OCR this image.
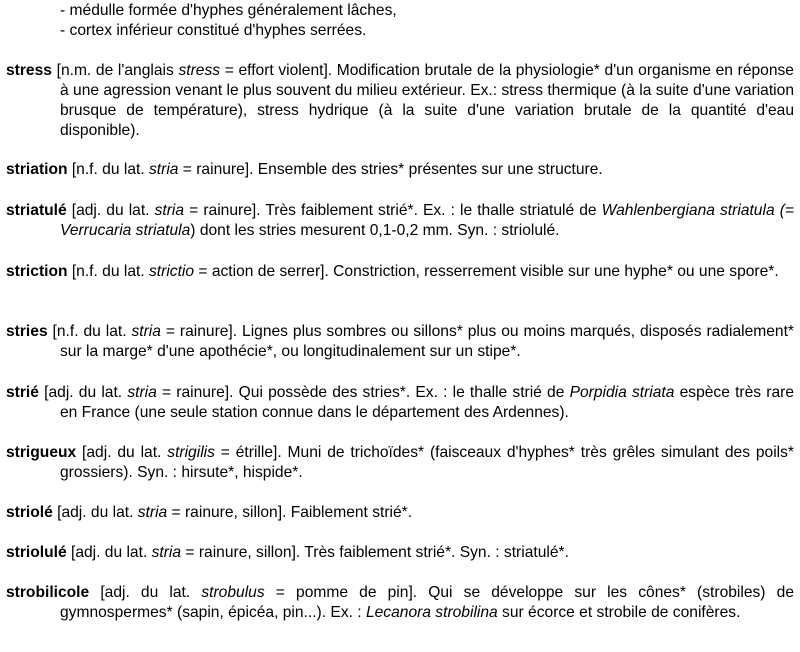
- médulle formée d'hyphes généralement lâches,
- cortex inférieur constitué d'hyphes serrées.
stress [n.m. de l'anglais stress = effort violent]. Modification brutale de la physiologie* d'un organisme en réponse à une agression venant le plus souvent du milieu extérieur. Ex.: stress thermique (à la suite d'une variation brusque de température), stress hydrique (à la suite d'une variation brutale de la quantité d'eau disponible).
striation [n.f. du lat. stria = rainure]. Ensemble des stries* présentes sur une structure.
striatulé [adj. du lat. stria = rainure]. Très faiblement strié*. Ex. : le thalle striatulé de Wahlenbergiana striatula (= Verrucaria striatula) dont les stries mesurent 0,1-0,2 mm. Syn. : striolulé.
striction [n.f. du lat. strictio = action de serrer]. Constriction, resserrement visible sur une hyphe* ou une spore*.
stries [n.f. du lat. stria = rainure]. Lignes plus sombres ou sillons* plus ou moins marqués, disposés radialement* sur la marge* d'une apothécie*, ou longitudinalement sur un stipe*.
strié [adj. du lat. stria = rainure]. Qui possède des stries*. Ex. : le thalle strié de Porpidia striata espèce très rare en France (une seule station connue dans le département des Ardennes).
strigueux [adj. du lat. strigilis = étrille]. Muni de trichoïdes* (faisceaux d'hyphes* très grêles simulant des poils* grossiers). Syn. : hirsute*, hispide*.
striolé [adj. du lat. stria = rainure, sillon]. Faiblement strié*.
striolulé [adj. du lat. stria = rainure, sillon]. Très faiblement strié*. Syn. : striatulé*.
strobilicole [adj. du lat. strobulus = pomme de pin]. Qui se développe sur les cônes* (strobiles) de gymnospermes* (sapin, épicéa, pin...). Ex. : Lecanora strobilina sur écorce et strobile de conifères.
